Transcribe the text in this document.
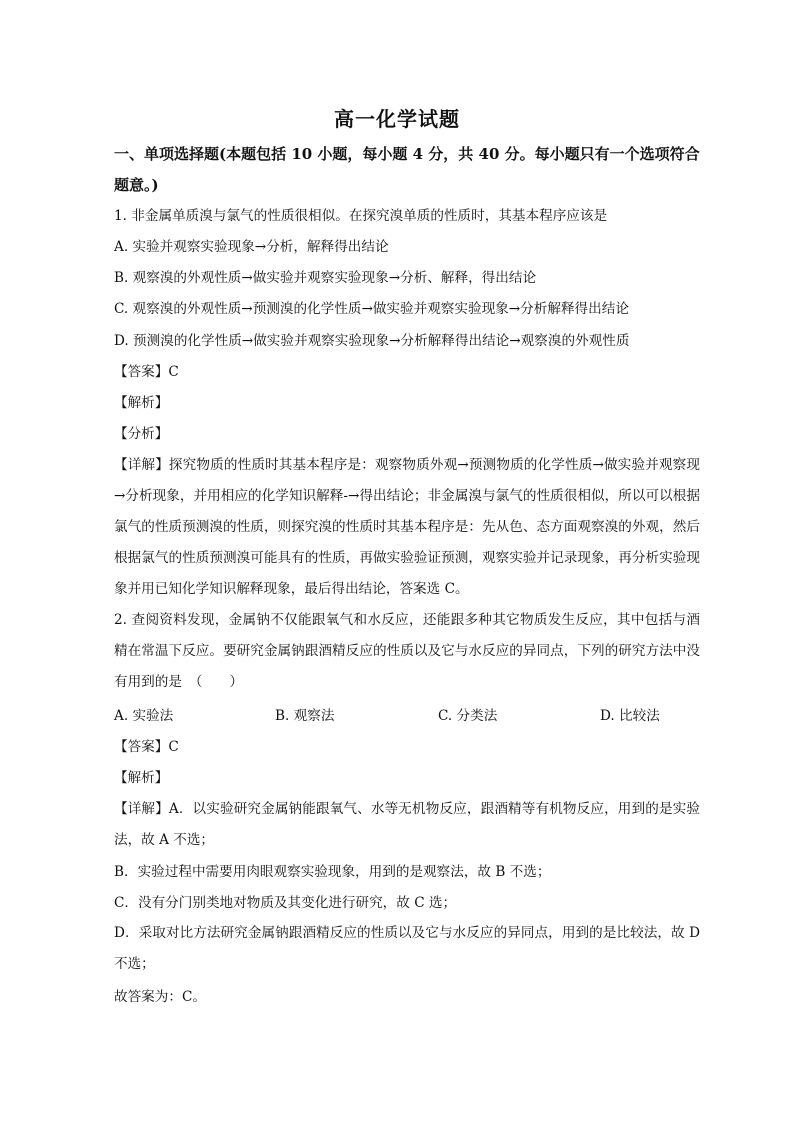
高一化学试题
一、单项选择题(本题包括 10 小题，每小题 4 分，共 40 分。每小题只有一个选项符合题意。)
1. 非金属单质溴与氯气的性质很相似。在探究溴单质的性质时，其基本程序应该是
A. 实验并观察实验现象→分析，解释得出结论
B. 观察溴的外观性质→做实验并观察实验现象→分析、解释，得出结论
C. 观察溴的外观性质→预测溴的化学性质→做实验并观察实验现象→分析解释得出结论
D. 预测溴的化学性质→做实验并观察实验现象→分析解释得出结论→观察溴的外观性质
【答案】C
【解析】
【分析】
【详解】探究物质的性质时其基本程序是：观察物质外观→预测物质的化学性质→做实验并观察现→分析现象，并用相应的化学知识解释-→得出结论；非金属溴与氯气的性质很相似，所以可以根据氯气的性质预测溴的性质，则探究溴的性质时其基本程序是：先从色、态方面观察溴的外观，然后根据氯气的性质预测溴可能具有的性质，再做实验验证预测，观察实验并记录现象，再分析实验现象并用已知化学知识解释现象，最后得出结论，答案选 C。
2. 查阅资料发现，金属钠不仅能跟氧气和水反应，还能跟多种其它物质发生反应，其中包括与酒精在常温下反应。要研究金属钠跟酒精反应的性质以及它与水反应的异同点，下列的研究方法中没有用到的是　（　　）
A. 实验法	B. 观察法	C. 分类法	D. 比较法
【答案】C
【解析】
【详解】A．以实验研究金属钠能跟氧气、水等无机物反应，跟酒精等有机物反应，用到的是实验法，故 A 不选；
B．实验过程中需要用肉眼观察实验现象，用到的是观察法，故 B 不选；
C．没有分门别类地对物质及其变化进行研究，故 C 选；
D．采取对比方法研究金属钠跟酒精反应的性质以及它与水反应的异同点，用到的是比较法，故 D 不选；
故答案为：C。
